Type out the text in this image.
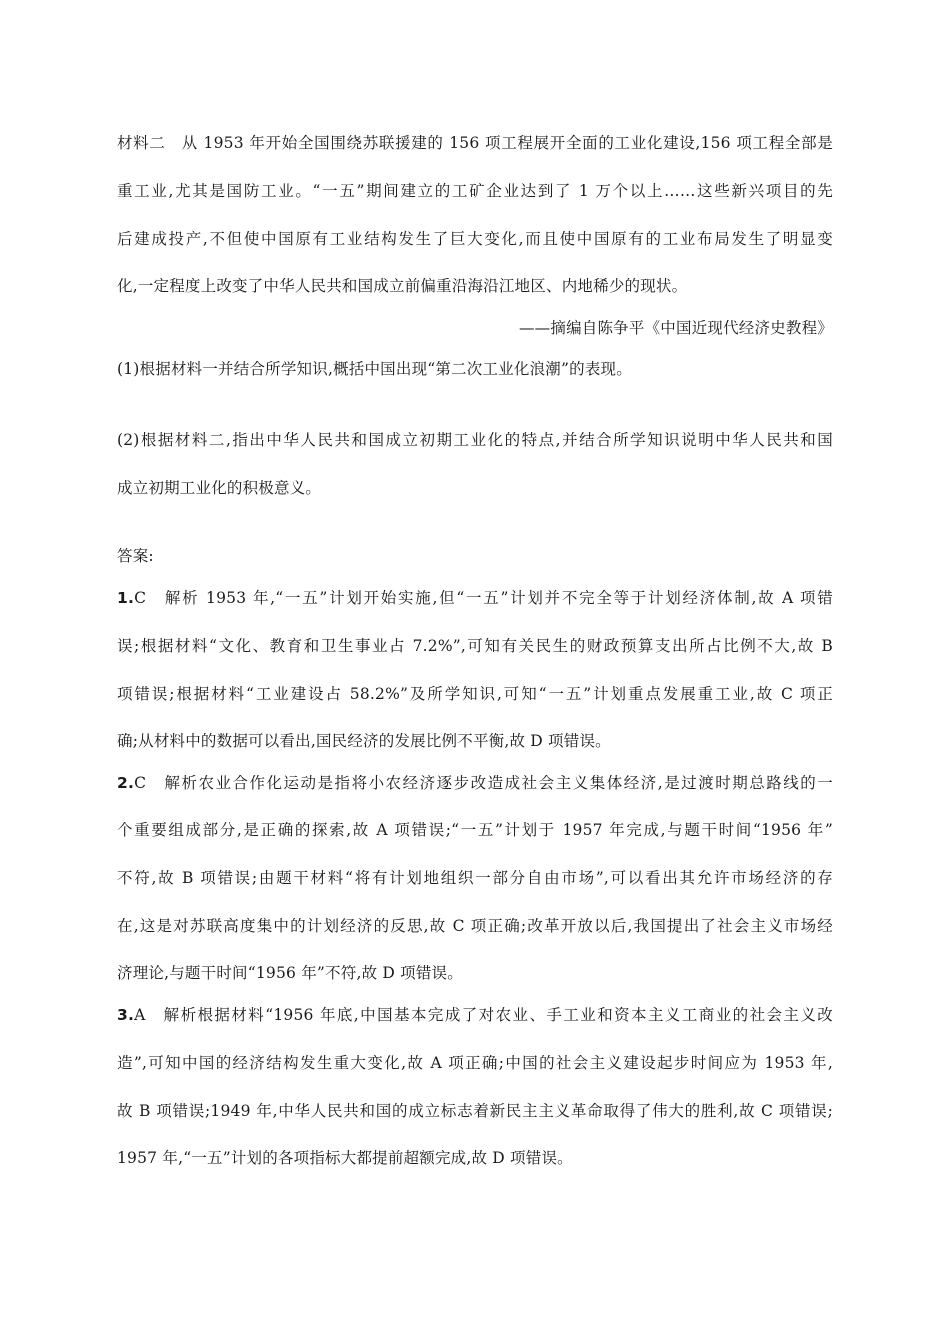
材料二　从 1953 年开始全国围绕苏联援建的 156 项工程展开全面的工业化建设,156 项工程全部是
重工业,尤其是国防工业。“一五”期间建立的工矿企业达到了 1 万个以上……这些新兴项目的先
后建成投产,不但使中国原有工业结构发生了巨大变化,而且使中国原有的工业布局发生了明显变
化,一定程度上改变了中华人民共和国成立前偏重沿海沿江地区、内地稀少的现状。
——摘编自陈争平《中国近现代经济史教程》
(1)根据材料一并结合所学知识,概括中国出现“第二次工业化浪潮”的表现。
(2)根据材料二,指出中华人民共和国成立初期工业化的特点,并结合所学知识说明中华人民共和国
成立初期工业化的积极意义。
答案:
1.C　解析 1953 年,“一五”计划开始实施,但“一五”计划并不完全等于计划经济体制,故 A 项错
误;根据材料“文化、教育和卫生事业占 7.2%”,可知有关民生的财政预算支出所占比例不大,故 B
项错误;根据材料“工业建设占 58.2%”及所学知识,可知“一五”计划重点发展重工业,故 C 项正
确;从材料中的数据可以看出,国民经济的发展比例不平衡,故 D 项错误。
2.C　解析农业合作化运动是指将小农经济逐步改造成社会主义集体经济,是过渡时期总路线的一
个重要组成部分,是正确的探索,故 A 项错误;“一五”计划于 1957 年完成,与题干时间“1956 年”
不符,故 B 项错误;由题干材料“将有计划地组织一部分自由市场”,可以看出其允许市场经济的存
在,这是对苏联高度集中的计划经济的反思,故 C 项正确;改革开放以后,我国提出了社会主义市场经
济理论,与题干时间“1956 年”不符,故 D 项错误。
3.A　解析根据材料“1956 年底,中国基本完成了对农业、手工业和资本主义工商业的社会主义改
造”,可知中国的经济结构发生重大变化,故 A 项正确;中国的社会主义建设起步时间应为 1953 年,
故 B 项错误;1949 年,中华人民共和国的成立标志着新民主主义革命取得了伟大的胜利,故 C 项错误;
1957 年,“一五”计划的各项指标大都提前超额完成,故 D 项错误。
